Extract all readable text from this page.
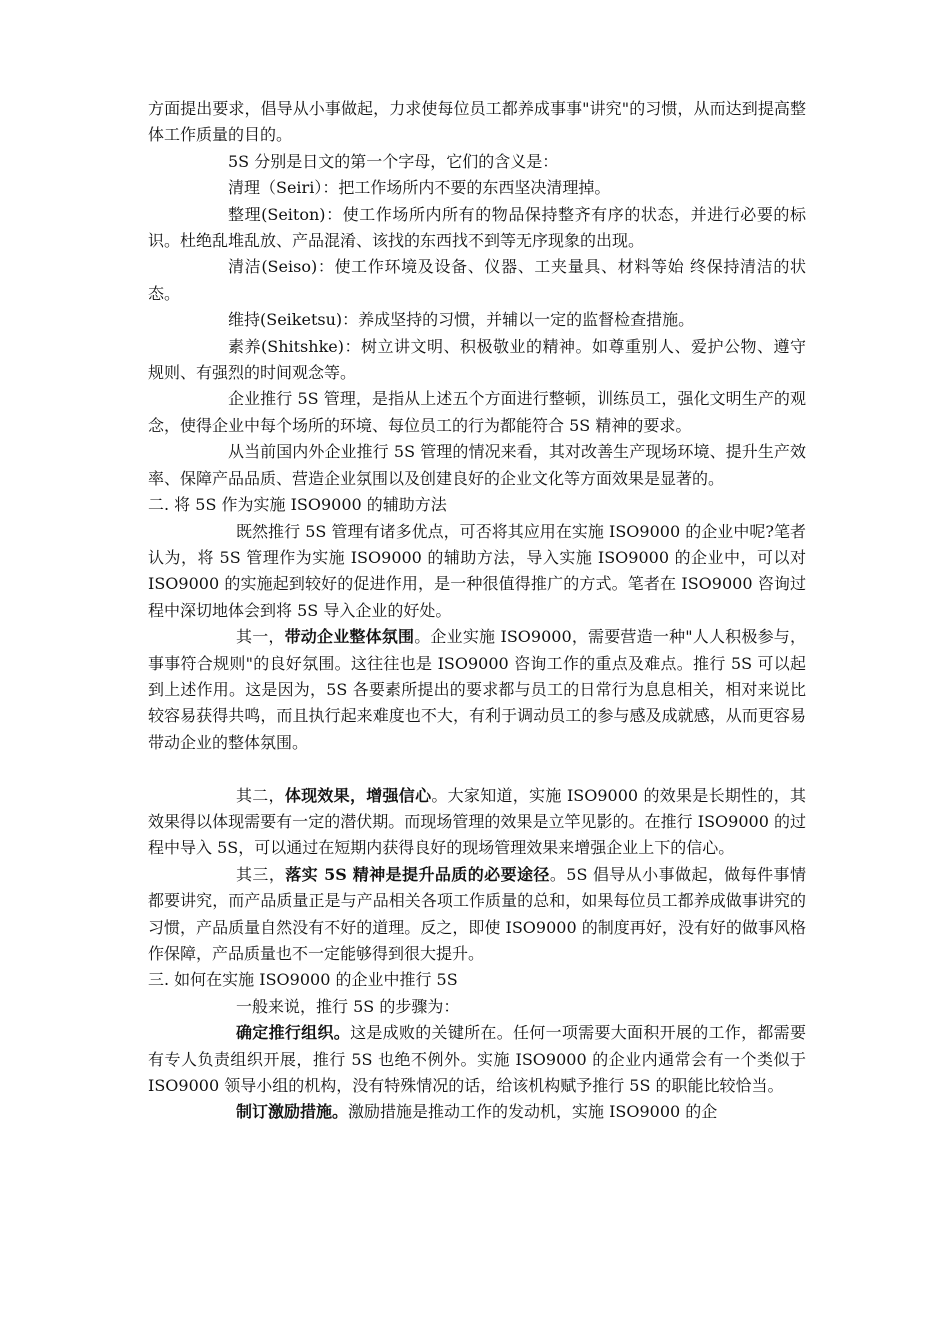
方面提出要求，倡导从小事做起，力求使每位员工都养成事事"讲究"的习惯，从而达到提高整体工作质量的目的。

5S 分别是日文的第一个字母，它们的含义是：

清理（Seiri）：把工作场所内不要的东西坚决清理掉。

整理(Seiton)：使工作场所内所有的物品保持整齐有序的状态，并进行必要的标识。杜绝乱堆乱放、产品混淆、该找的东西找不到等无序现象的出现。

清洁(Seiso)：使工作环境及设备、仪器、工夹量具、材料等始 终保持清洁的状态。

维持(Seiketsu)：养成坚持的习惯，并辅以一定的监督检查措施。

素养(Shitshke)：树立讲文明、积极敬业的精神。如尊重别人、爱护公物、遵守规则、有强烈的时间观念等。

企业推行 5S 管理，是指从上述五个方面进行整顿，训练员工，强化文明生产的观念，使得企业中每个场所的环境、每位员工的行为都能符合 5S 精神的要求。

从当前国内外企业推行 5S 管理的情况来看，其对改善生产现场环境、提升生产效率、保障产品品质、营造企业氛围以及创建良好的企业文化等方面效果是显著的。

二. 将 5S 作为实施 ISO9000 的辅助方法

既然推行 5S 管理有诸多优点，可否将其应用在实施 ISO9000 的企业中呢?笔者认为，将 5S 管理作为实施 ISO9000 的辅助方法，导入实施 ISO9000 的企业中，可以对 ISO9000 的实施起到较好的促进作用，是一种很值得推广的方式。笔者在 ISO9000 咨询过程中深切地体会到将 5S 导入企业的好处。

其一，带动企业整体氛围。企业实施 ISO9000，需要营造一种"人人积极参与，事事符合规则"的良好氛围。这往往也是 ISO9000 咨询工作的重点及难点。推行 5S 可以起到上述作用。这是因为，5S 各要素所提出的要求都与员工的日常行为息息相关，相对来说比较容易获得共鸣，而且执行起来难度也不大，有利于调动员工的参与感及成就感，从而更容易带动企业的整体氛围。

其二，体现效果，增强信心。大家知道，实施 ISO9000 的效果是长期性的，其效果得以体现需要有一定的潜伏期。而现场管理的效果是立竿见影的。在推行 ISO9000 的过程中导入 5S，可以通过在短期内获得良好的现场管理效果来增强企业上下的信心。

其三，落实 5S 精神是提升品质的必要途径。5S 倡导从小事做起，做每件事情都要讲究，而产品质量正是与产品相关各项工作质量的总和，如果每位员工都养成做事讲究的习惯，产品质量自然没有不好的道理。反之，即使 ISO9000 的制度再好，没有好的做事风格作保障，产品质量也不一定能够得到很大提升。

三. 如何在实施 ISO9000 的企业中推行 5S

一般来说，推行 5S 的步骤为：

确定推行组织。这是成败的关键所在。任何一项需要大面积开展的工作，都需要有专人负责组织开展，推行 5S 也绝不例外。实施 ISO9000 的企业内通常会有一个类似于 ISO9000 领导小组的机构，没有特殊情况的话，给该机构赋予推行 5S 的职能比较恰当。

制订激励措施。激励措施是推动工作的发动机，实施 ISO9000 的企
